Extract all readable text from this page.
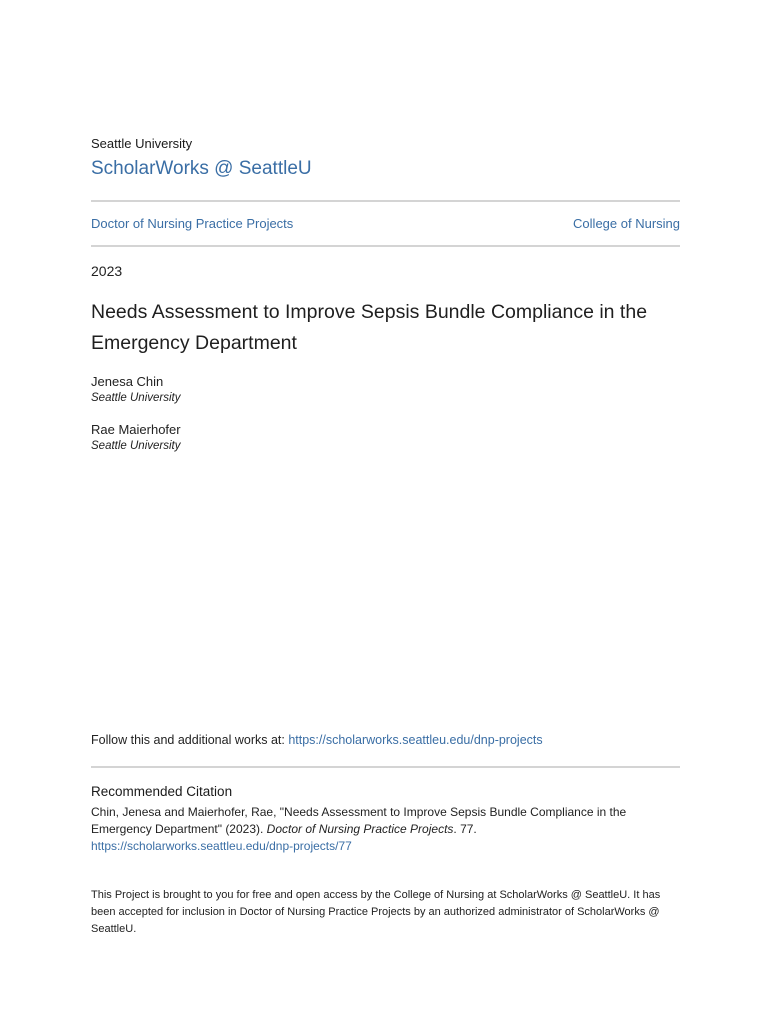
Seattle University
ScholarWorks @ SeattleU
Doctor of Nursing Practice Projects	College of Nursing
2023
Needs Assessment to Improve Sepsis Bundle Compliance in the Emergency Department
Jenesa Chin
Seattle University
Rae Maierhofer
Seattle University
Follow this and additional works at: https://scholarworks.seattleu.edu/dnp-projects
Recommended Citation
Chin, Jenesa and Maierhofer, Rae, "Needs Assessment to Improve Sepsis Bundle Compliance in the Emergency Department" (2023). Doctor of Nursing Practice Projects. 77.
https://scholarworks.seattleu.edu/dnp-projects/77
This Project is brought to you for free and open access by the College of Nursing at ScholarWorks @ SeattleU. It has been accepted for inclusion in Doctor of Nursing Practice Projects by an authorized administrator of ScholarWorks @ SeattleU.
